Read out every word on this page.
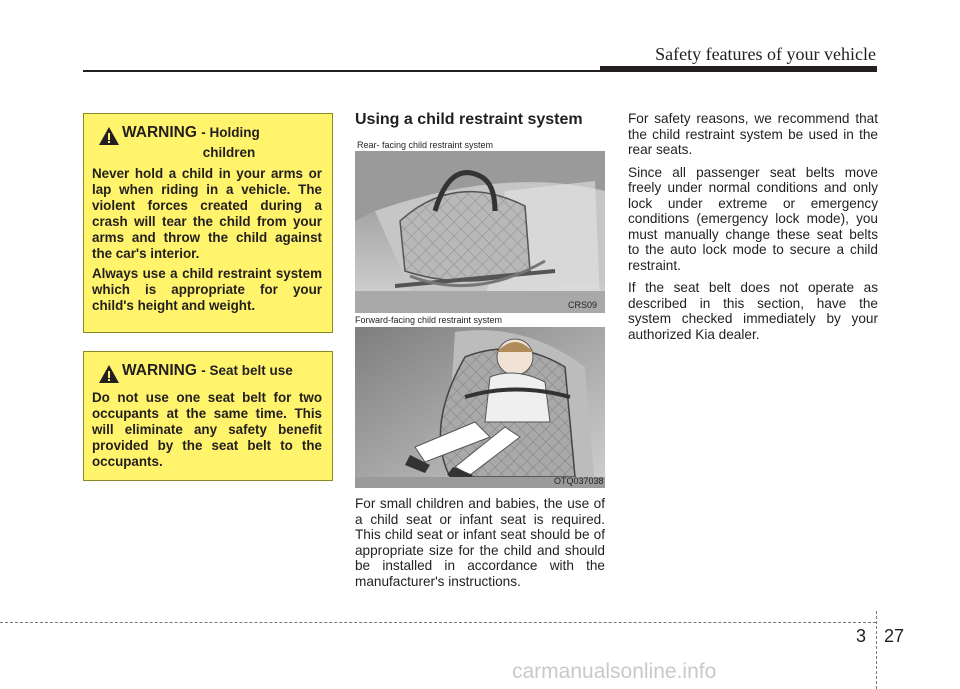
Safety features of your vehicle
WARNING - Holding
children

Never hold a child in your arms or lap when riding in a vehicle. The violent forces created during a crash will tear the child from your arms and throw the child against the car's interior.

Always use a child restraint system which is appropriate for your child's height and weight.

WARNING - Seat belt use

Do not use one seat belt for two occupants at the same time. This will eliminate any safety benefit provided by the seat belt to the occupants.

Using a child restraint system
Rear- facing child restraint system
CRS09
Forward-facing child restraint system
OTQ037038

For small children and babies, the use of a child seat or infant seat is required. This child seat or infant seat should be of appropriate size for the child and should be installed in accordance with the manufacturer's instructions.

For safety reasons, we recommend that the child restraint system be used in the rear seats.

Since all passenger seat belts move freely under normal conditions and only lock under extreme or emergency conditions (emergency lock mode), you must manually change these seat belts to the auto lock mode to secure a child restraint.

If the seat belt does not operate as described in this section, have the system checked immediately by your authorized Kia dealer.

3 27
carmanualsonline.info
